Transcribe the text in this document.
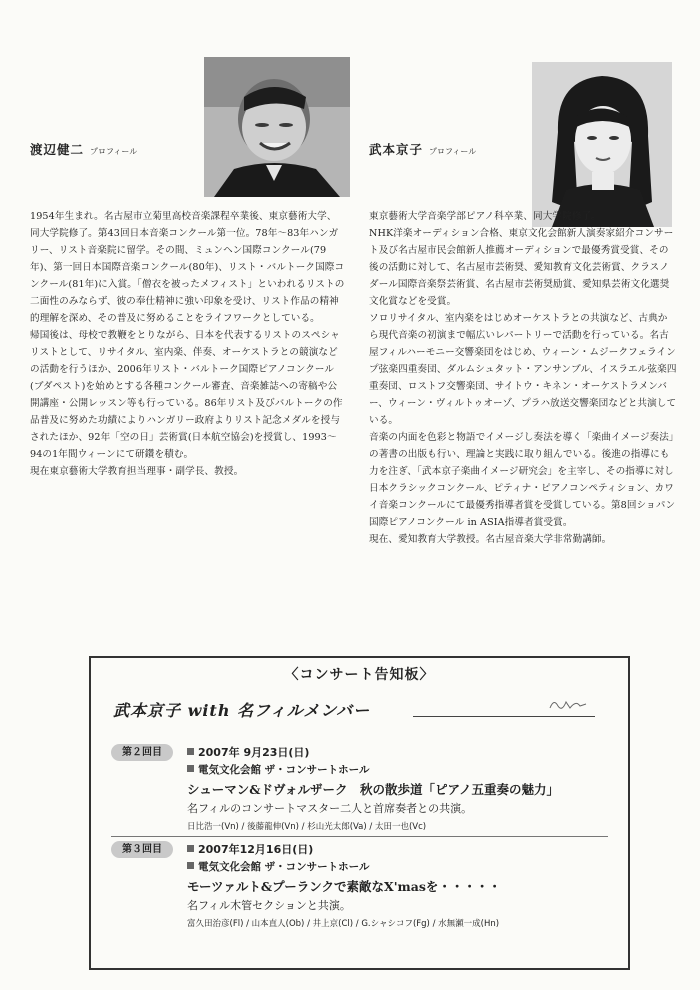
渡辺健二 プロフィール	武本京子 プロフィール

1954年生まれ。名古屋市立菊里高校音楽課程卒業後、東京藝術大学、同大学院修了。第43回日本音楽コンクール第一位。78年〜83年ハンガリー、リスト音楽院に留学。その間、ミュンヘン国際コンクール(79年)、第一回日本国際音楽コンクール(80年)、リスト・バルトーク国際コンクール(81年)に入賞。「僧衣を被ったメフィスト」といわれるリストの二面性のみならず、彼の奉仕精神に強い印象を受け、リスト作品の精神的理解を深め、その普及に努めることをライフワークとしている。

帰国後は、母校で教鞭をとりながら、日本を代表するリストのスペシャリストとして、リサイタル、室内楽、伴奏、オーケストラとの競演などの活動を行うほか、2006年リスト・バルトーク国際ピアノコンクール(ブダペスト)を始めとする各種コンクール審査、音楽雑誌への寄稿や公開講座・公開レッスン等も行っている。86年リスト及びバルトークの作品普及に努めた功績によりハンガリー政府よりリスト記念メダルを授与されたほか、92年「空の日」芸術賞(日本航空協会)を授賞し、1993〜94の1年間ウィーンにて研鑽を積む。

現在東京藝術大学教育担当理事・副学長、教授。

東京藝術大学音楽学部ピアノ科卒業、同大学院修了。

NHK洋楽オーディション合格、東京文化会館新人演奏家紹介コンサート及び名古屋市民会館新人推薦オーディションで最優秀賞受賞、その後の活動に対して、名古屋市芸術奨、愛知教育文化芸術賞、クラスノダール国際音楽祭芸術賞、名古屋市芸術奨励賞、愛知県芸術文化選奨文化賞などを受賞。

ソロリサイタル、室内楽をはじめオーケストラとの共演など、古典から現代音楽の初演まで幅広いレパートリーで活動を行っている。名古屋フィルハーモニー交響楽団をはじめ、ウィーン・ムジークフェラインプ弦楽四重奏団、ダルムシュタット・アンサンブル、イスラエル弦楽四重奏団、ロストフ交響楽団、サイトウ・キネン・オーケストラメンバー、ウィーン・ヴィルトゥオーゾ、プラハ放送交響楽団などと共演している。

音楽の内面を色彩と物語でイメージし奏法を導く「楽曲イメージ奏法」の著書の出版も行い、理論と実践に取り組んでいる。後進の指導にも力を注ぎ、「武本京子楽曲イメージ研究会」を主宰し、その指導に対し日本クラシックコンクール、ピティナ・ピアノコンペティション、カワイ音楽コンクールにて最優秀指導者賞を受賞している。第8回ショパン国際ピアノコンクール in ASIA指導者賞受賞。

現在、愛知教育大学教授。名古屋音楽大学非常勤講師。

〈コンサート告知板〉
武本京子 with 名フィルメンバー
第２回目	2007年 9月23日(日)
電気文化会館 ザ・コンサートホール
シューマン&ドヴォルザーク　秋の散歩道「ピアノ五重奏の魅力」
名フィルのコンサートマスター二人と首席奏者との共演。
日比浩一(Vn) / 後藤龍伸(Vn) / 杉山光太郎(Va) / 太田一也(Vc)
第３回目	2007年12月16日(日)
電気文化会館 ザ・コンサートホール
モーツァルト&プーランクで素敵なX'masを・・・・・
名フィル木管セクションと共演。
富久田治彦(Fl) / 山本直人(Ob) / 井上京(Cl) / G.シャシコフ(Fg) / 水無瀬一成(Hn)
